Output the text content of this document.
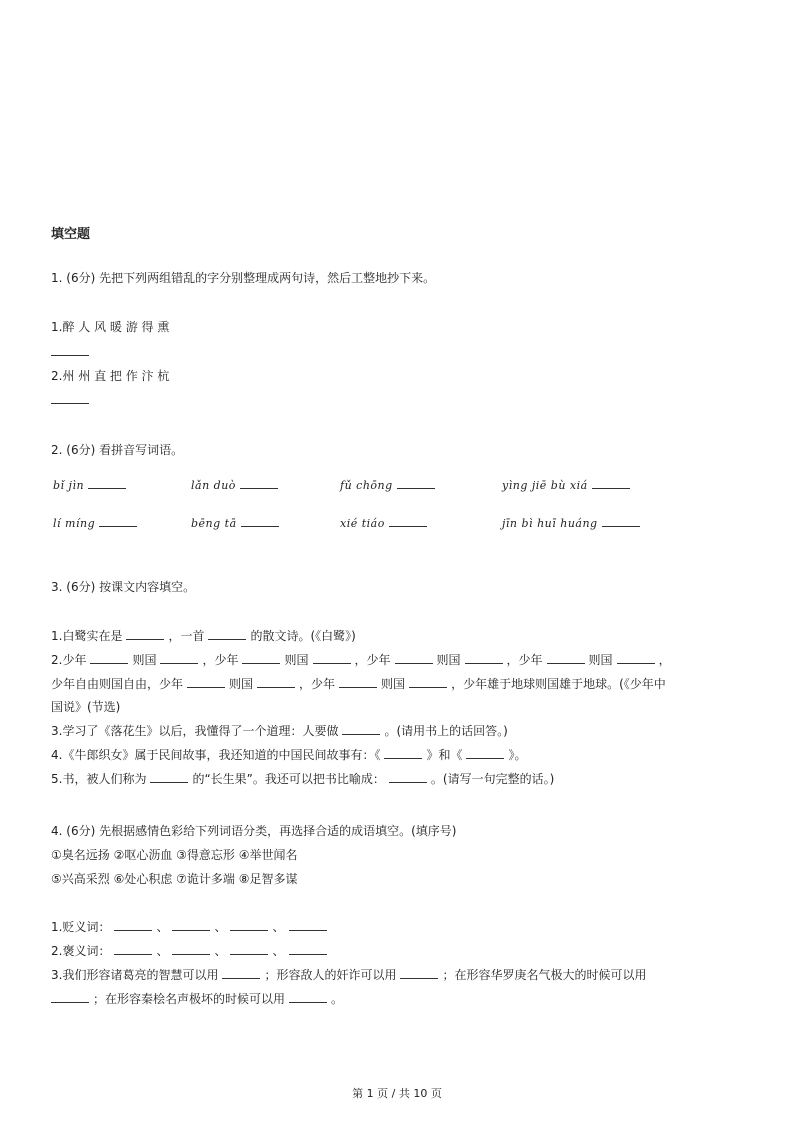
填空题
1. (6分) 先把下列两组错乱的字分别整理成两句诗，然后工整地抄下来。
1.醉 人 风 暖 游 得 熏
2.州 州 直 把 作 汴 杭
2. (6分) 看拼音写词语。
bǐ jìn	lǎn duò	fǔ chōng	yìng jiē bù xiá
lí míng	bēng tā	xié tiáo	jīn bì huī huáng
3. (6分) 按课文内容填空。
1.白鹭实在是	，一首	的散文诗。(《白鹭》)
2.少年	则国	，少年	则国	，少年	则国	，少年	则国	，
少年自由则国自由，少年	则国	，少年	则国	，少年雄于地球则国雄于地球。(《少年中
国说》(节选)
3.学习了《落花生》以后，我懂得了一个道理：人要做	。(请用书上的话回答。)
4.《牛郎织女》属于民间故事，我还知道的中国民间故事有：《	》和《	》。
5.书，被人们称为	的“长生果”。我还可以把书比喻成：	。(请写一句完整的话。)
4. (6分) 先根据感情色彩给下列词语分类，再选择合适的成语填空。(填序号)
①臭名远扬 ②呕心沥血 ③得意忘形 ④举世闻名
⑤兴高采烈 ⑥处心积虑 ⑦诡计多端 ⑧足智多谋
1.贬义词：	、	、	、
2.褒义词：	、	、	、
3.我们形容诸葛亮的智慧可以用	；形容敌人的奸诈可以用	；在形容华罗庚名气极大的时候可以用
；在形容秦桧名声极坏的时候可以用	。
第 1 页 / 共 10 页
